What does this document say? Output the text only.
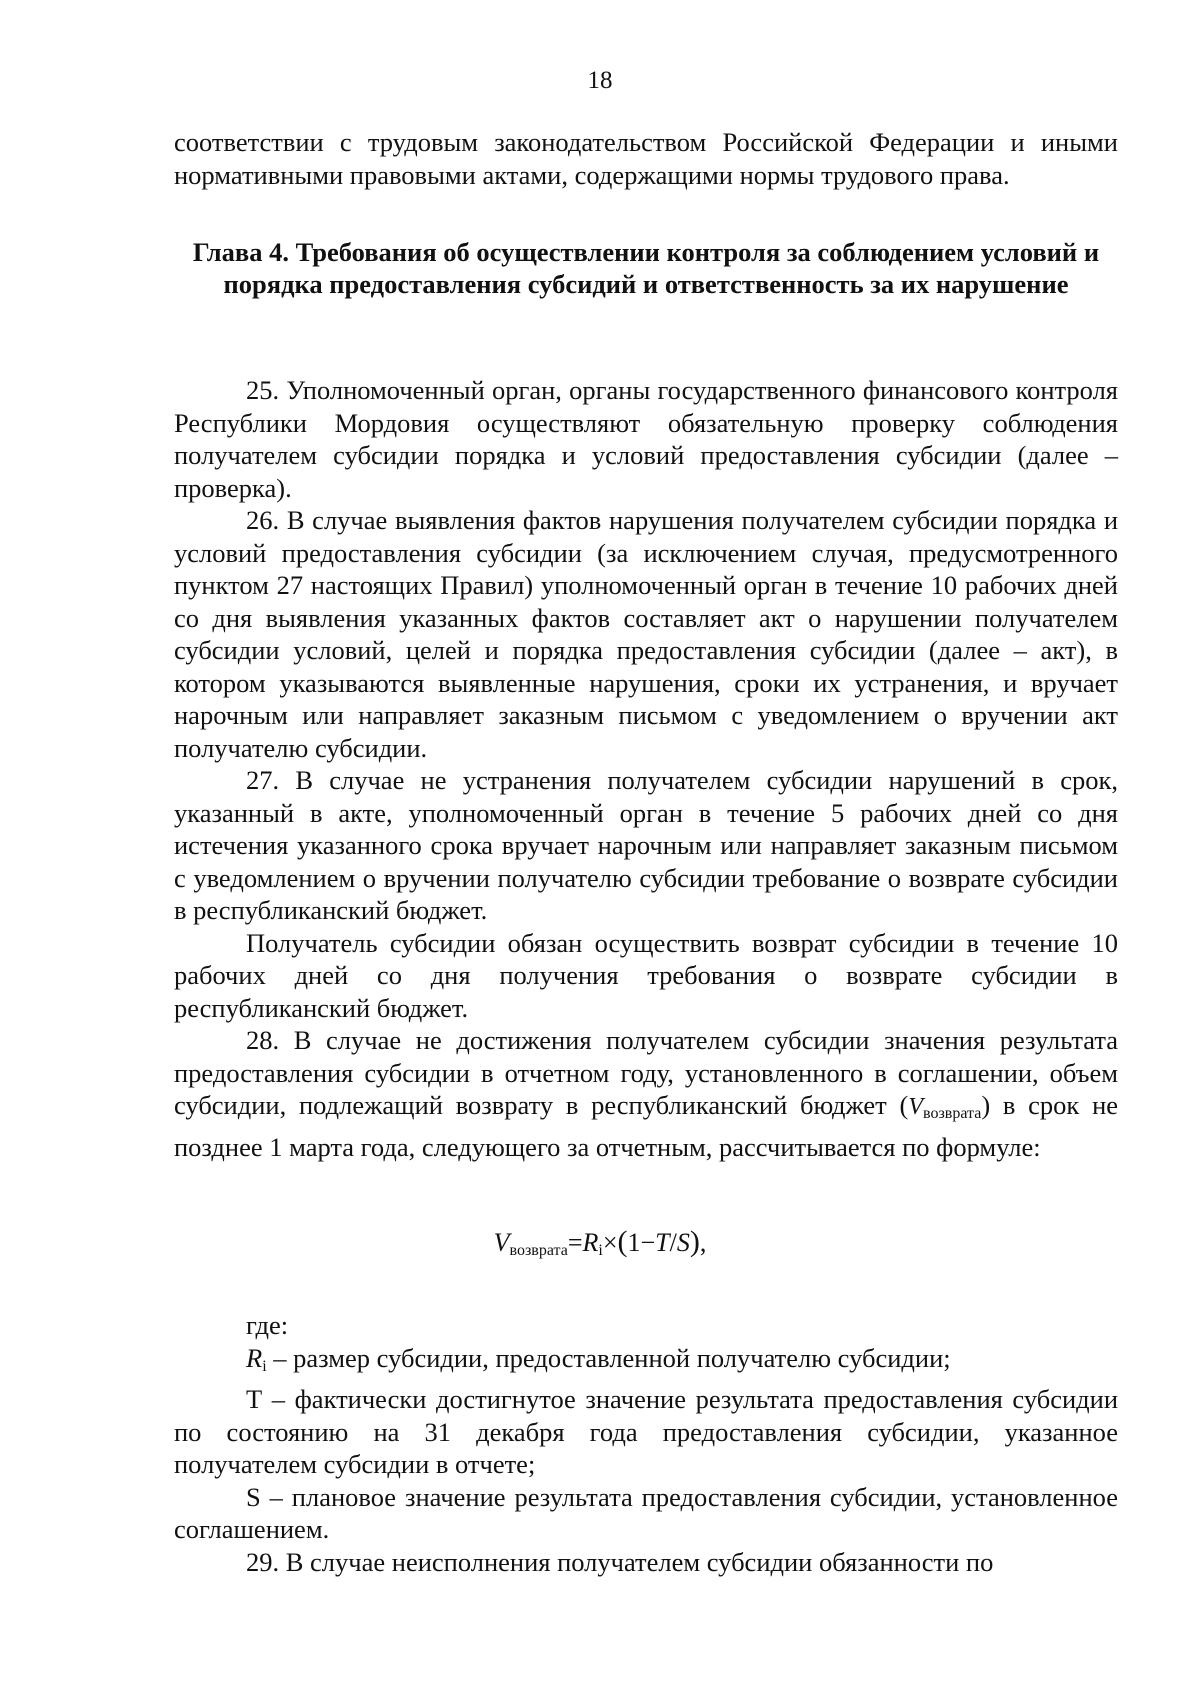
18
соответствии с трудовым законодательством Российской Федерации и иными нормативными правовыми актами, содержащими нормы трудового права.
Глава 4. Требования об осуществлении контроля за соблюдением условий и порядка предоставления субсидий и ответственность за их нарушение

25. Уполномоченный орган, органы государственного финансового контроля Республики Мордовия осуществляют обязательную проверку соблюдения получателем субсидии порядка и условий предоставления субсидии (далее – проверка).

26. В случае выявления фактов нарушения получателем субсидии порядка и условий предоставления субсидии (за исключением случая, предусмотренного пунктом 27 настоящих Правил) уполномоченный орган в течение 10 рабочих дней со дня выявления указанных фактов составляет акт о нарушении получателем субсидии условий, целей и порядка предоставления субсидии (далее – акт), в котором указываются выявленные нарушения, сроки их устранения, и вручает нарочным или направляет заказным письмом с уведомлением о вручении акт получателю субсидии.

27. В случае не устранения получателем субсидии нарушений в срок, указанный в акте, уполномоченный орган в течение 5 рабочих дней со дня истечения указанного срока вручает нарочным или направляет заказным письмом с уведомлением о вручении получателю субсидии требование о возврате субсидии в республиканский бюджет.

Получатель субсидии обязан осуществить возврат субсидии в течение 10 рабочих дней со дня получения требования о возврате субсидии в республиканский бюджет.

28. В случае не достижения получателем субсидии значения результата предоставления субсидии в отчетном году, установленного в соглашении, объем субсидии, подлежащий возврату в республиканский бюджет $(V_{возврата})$ в срок не позднее 1 марта года, следующего за отчетным, рассчитывается по формуле:

$V_{возврата}=R_i\times(1-T/S)$,

где:

$R_i$ – размер субсидии, предоставленной получателю субсидии;

Т – фактически достигнутое значение результата предоставления субсидии по состоянию на 31 декабря года предоставления субсидии, указанное получателем субсидии в отчете;

S – плановое значение результата предоставления субсидии, установленное соглашением.

29. В случае неисполнения получателем субсидии обязанности по
